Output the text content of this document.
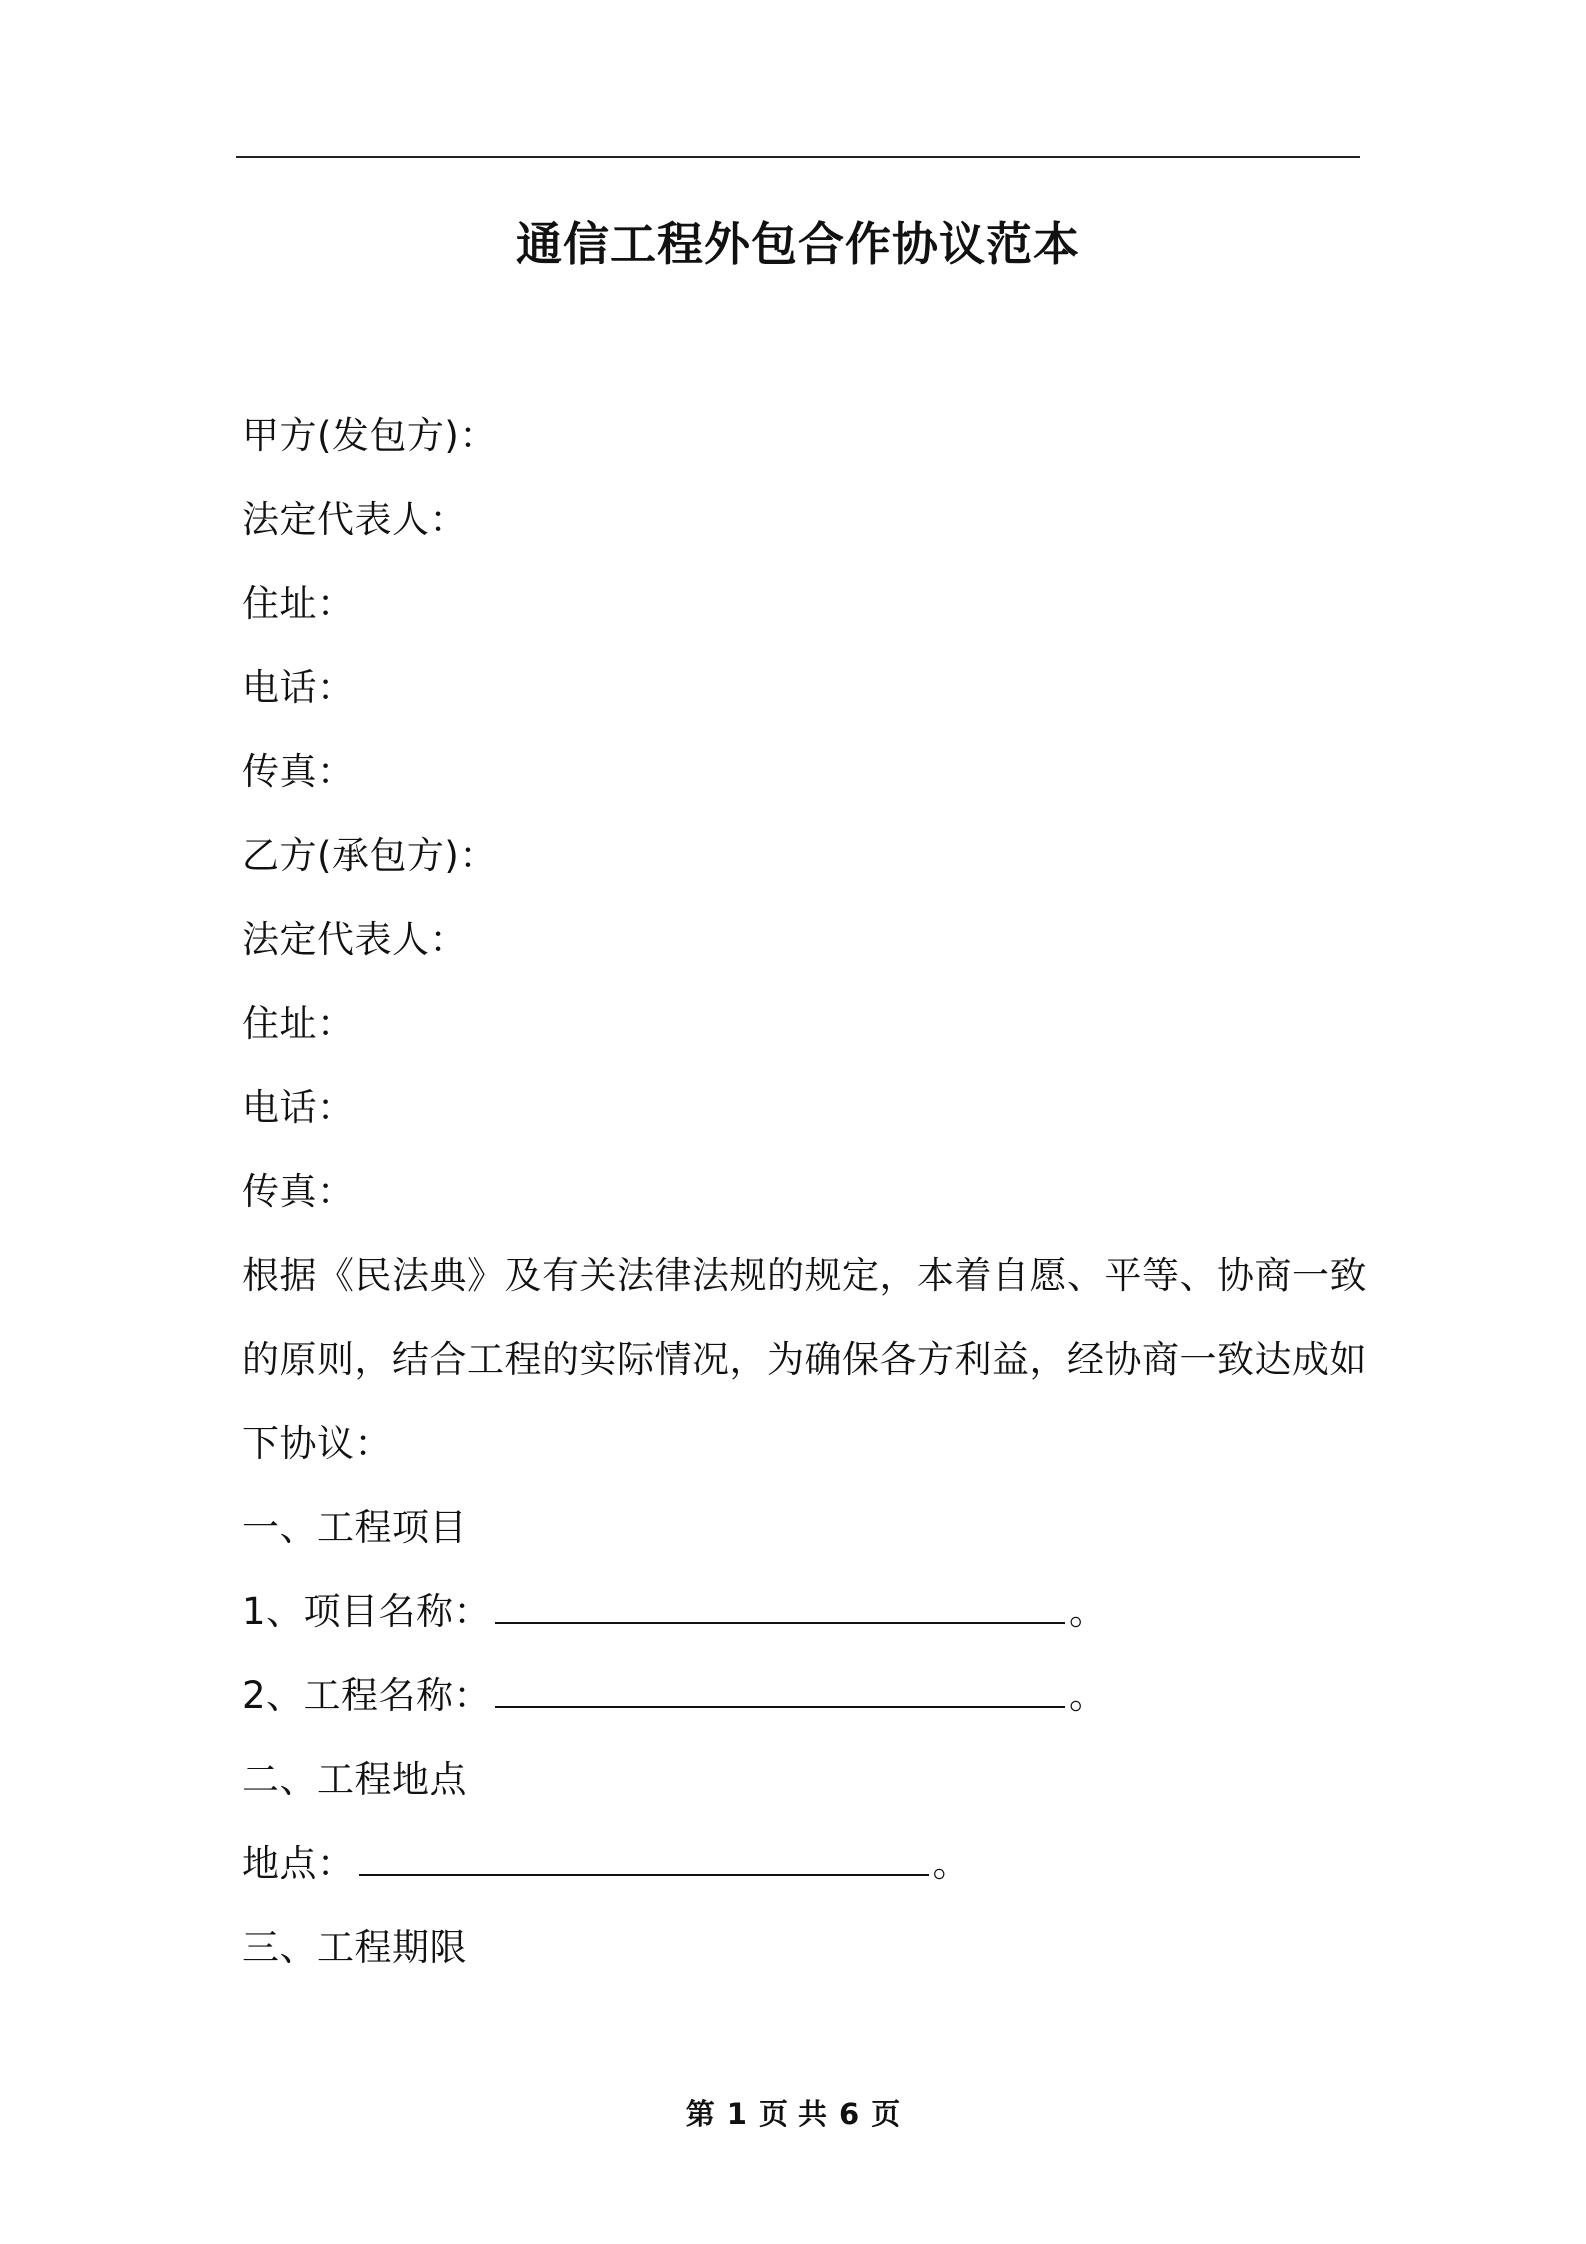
通信工程外包合作协议范本
甲方(发包方)：
法定代表人：
住址：
电话：
传真：
乙方(承包方)：
法定代表人：
住址：
电话：
传真：
根据《民法典》及有关法律法规的规定，本着自愿、平等、协商一致
的原则，结合工程的实际情况，为确保各方利益，经协商一致达成如
下协议：
一、工程项目
1、项目名称：	。
2、工程名称：	。
二、工程地点
地点：	。
三、工程期限
第 1 页 共 6 页
